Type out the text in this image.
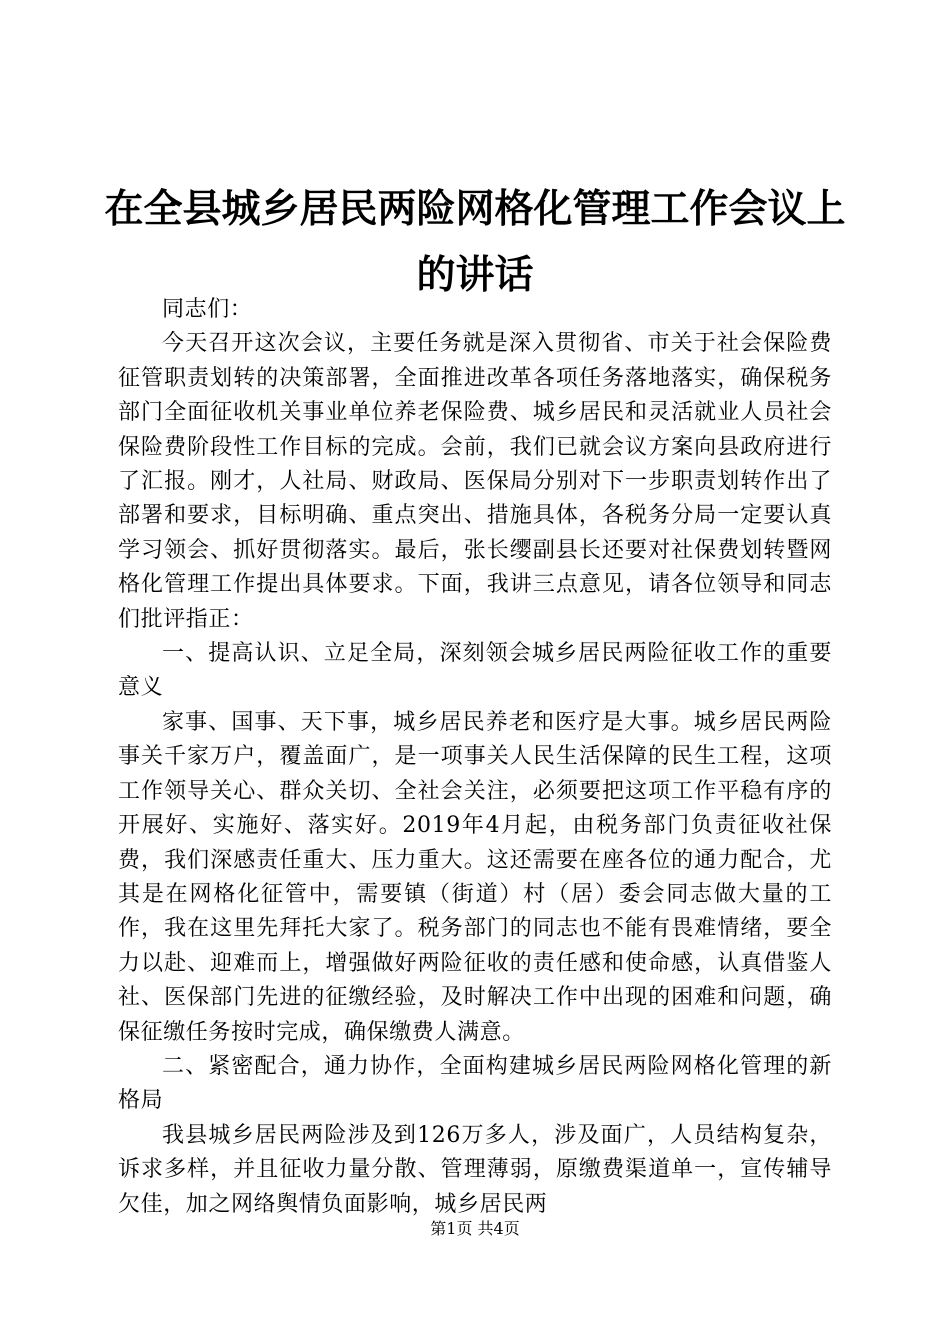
在全县城乡居民两险网格化管理工作会议上的讲话

同志们：

今天召开这次会议，主要任务就是深入贯彻省、市关于社会保险费征管职责划转的决策部署，全面推进改革各项任务落地落实，确保税务部门全面征收机关事业单位养老保险费、城乡居民和灵活就业人员社会保险费阶段性工作目标的完成。会前，我们已就会议方案向县政府进行了汇报。刚才，人社局、财政局、医保局分别对下一步职责划转作出了部署和要求，目标明确、重点突出、措施具体，各税务分局一定要认真学习领会、抓好贯彻落实。最后，张长缨副县长还要对社保费划转暨网格化管理工作提出具体要求。下面，我讲三点意见，请各位领导和同志们批评指正：

一、提高认识、立足全局，深刻领会城乡居民两险征收工作的重要意义

家事、国事、天下事，城乡居民养老和医疗是大事。城乡居民两险事关千家万户，覆盖面广，是一项事关人民生活保障的民生工程，这项工作领导关心、群众关切、全社会关注，必须要把这项工作平稳有序的开展好、实施好、落实好。2019年4月起，由税务部门负责征收社保费，我们深感责任重大、压力重大。这还需要在座各位的通力配合，尤其是在网格化征管中，需要镇（街道）村（居）委会同志做大量的工作，我在这里先拜托大家了。税务部门的同志也不能有畏难情绪，要全力以赴、迎难而上，增强做好两险征收的责任感和使命感，认真借鉴人社、医保部门先进的征缴经验，及时解决工作中出现的困难和问题，确保征缴任务按时完成，确保缴费人满意。

二、紧密配合，通力协作，全面构建城乡居民两险网格化管理的新格局

我县城乡居民两险涉及到126万多人，涉及面广，人员结构复杂，诉求多样，并且征收力量分散、管理薄弱，原缴费渠道单一，宣传辅导欠佳，加之网络舆情负面影响，城乡居民两

第1页 共4页
